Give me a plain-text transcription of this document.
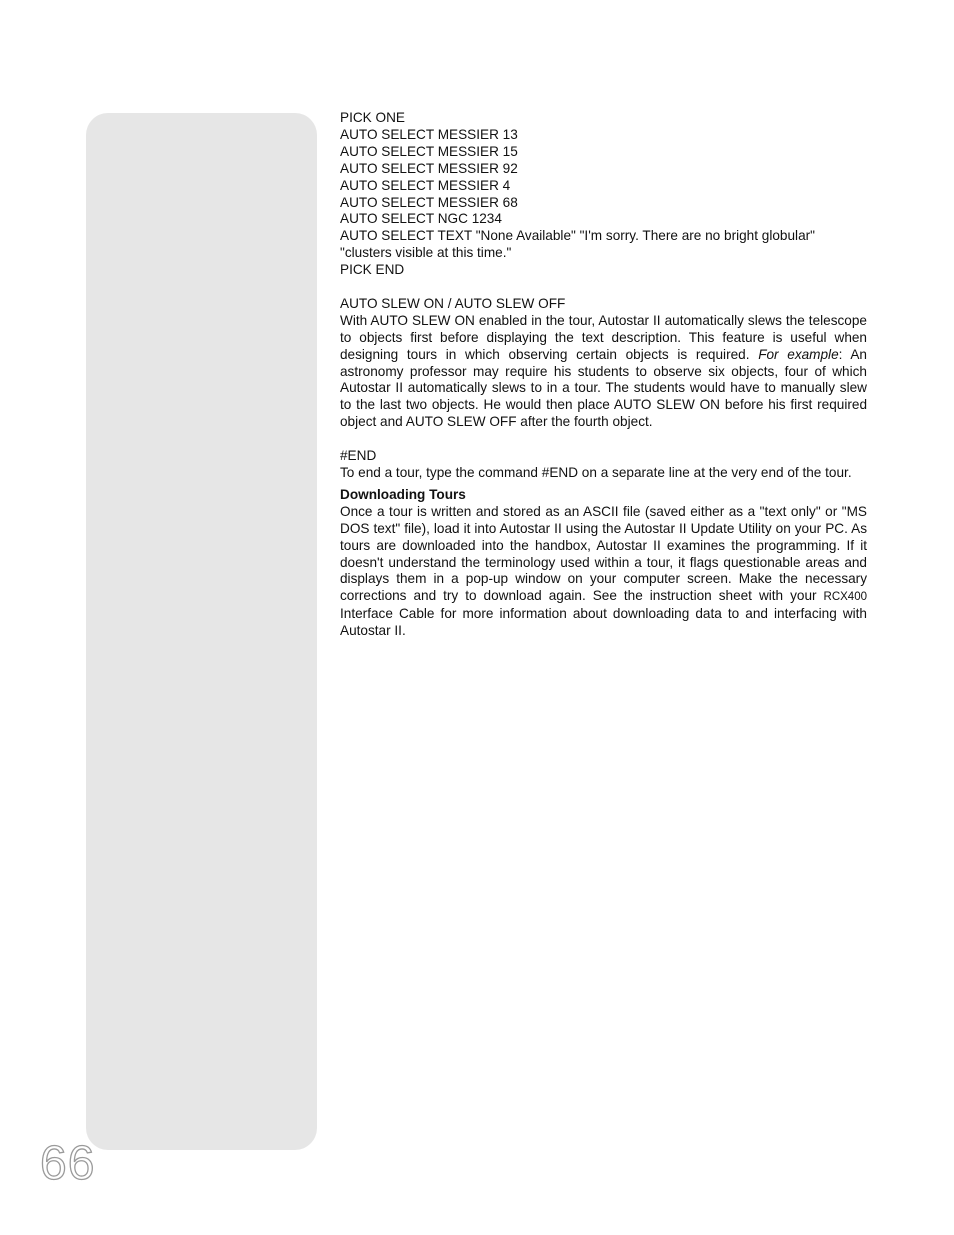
66
PICK ONE
AUTO SELECT MESSIER 13
AUTO SELECT MESSIER 15
AUTO SELECT MESSIER 92
AUTO SELECT MESSIER 4
AUTO SELECT MESSIER 68
AUTO SELECT NGC 1234
AUTO SELECT TEXT "None Available" "I'm sorry. There are no bright globular"
"clusters visible at this time."
PICK END
AUTO SLEW ON / AUTO SLEW OFF

With AUTO SLEW ON enabled in the tour, Autostar II automatically slews the telescope to objects first before displaying the text description. This feature is useful when designing tours in which observing certain objects is required. For example: An astronomy professor may require his students to observe six objects, four of which Autostar II automatically slews to in a tour. The students would have to manually slew to the last two objects. He would then place AUTO SLEW ON before his first required object and AUTO SLEW OFF after the fourth object.

#END

To end a tour, type the command #END on a separate line at the very end of the tour.

Downloading Tours

Once a tour is written and stored as an ASCII file (saved either as a "text only" or "MS DOS text" file), load it into Autostar II using the Autostar II Update Utility on your PC. As tours are downloaded into the handbox, Autostar II examines the programming. If it doesn't understand the terminology used within a tour, it flags questionable areas and displays them in a pop-up window on your computer screen. Make the necessary corrections and try to download again. See the instruction sheet with your RCX400 Interface Cable for more information about downloading data to and interfacing with Autostar II.
